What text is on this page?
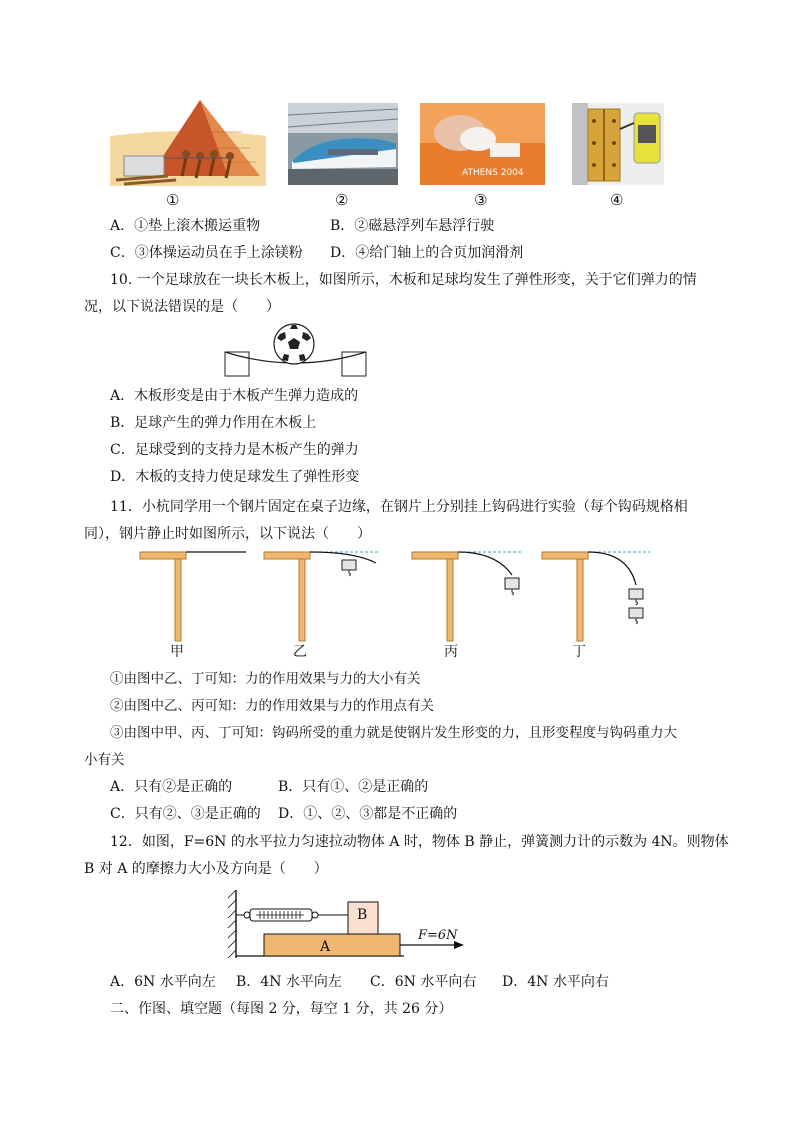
ATHENS 2004
①	②	③	④
A．①垫上滚木搬运重物	B．②磁悬浮列车悬浮行驶
C．③体操运动员在手上涂镁粉 D．④给门轴上的合页加润滑剂
10. 一个足球放在一块长木板上，如图所示，木板和足球均发生了弹性形变，关于它们弹力的情
况，以下说法错误的是（　　）
A．木板形变是由于木板产生弹力造成的
B．足球产生的弹力作用在木板上
C．足球受到的支持力是木板产生的弹力
D．木板的支持力使足球发生了弹性形变
11．小杭同学用一个钢片固定在桌子边缘，在钢片上分别挂上钩码进行实验（每个钩码规格相
同），钢片静止时如图所示，以下说法（　　）
甲	乙	丙	丁
①由图中乙、丁可知：力的作用效果与力的大小有关
②由图中乙、丙可知：力的作用效果与力的作用点有关
③由图中甲、丙、丁可知：钩码所受的重力就是使钢片发生形变的力，且形变程度与钩码重力大
小有关
A．只有②是正确的	B．只有①、②是正确的
C．只有②、③是正确的 D．①、②、③都是不正确的
12．如图，F=6N 的水平拉力匀速拉动物体 A 时，物体 B 静止，弹簧测力计的示数为 4N。则物体
B 对 A 的摩擦力大小及方向是（　　）
B
A
F=6N
A．6N 水平向左 B．4N 水平向左 C．6N 水平向右 D．4N 水平向右
二、作图、填空题（每图 2 分，每空 1 分，共 26 分）
